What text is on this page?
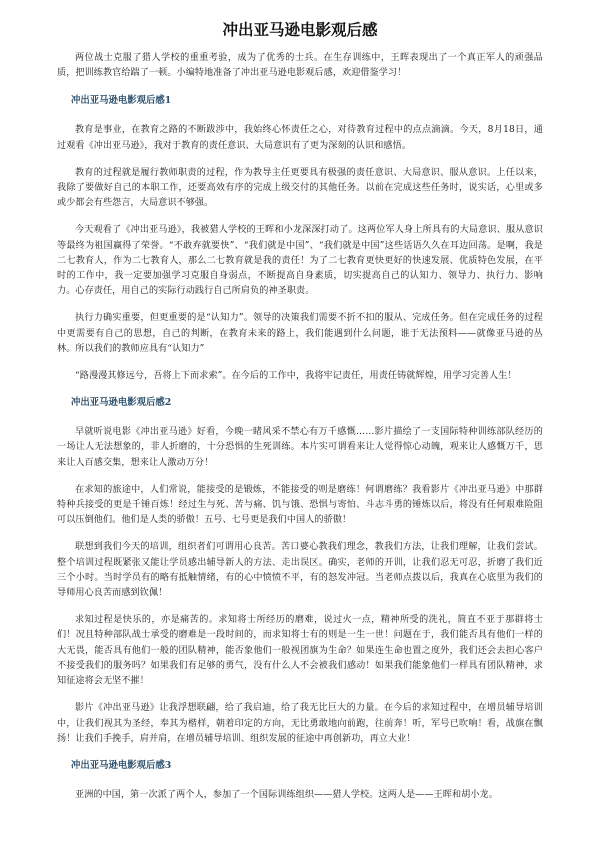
冲出亚马逊电影观后感

两位战士克服了猎人学校的重重考验，成为了优秀的士兵。在生存训练中，王晖表现出了一个真正军人的顽强品质，把训练教官给踹了一顿。小编特地准备了冲出亚马逊电影观后感，欢迎借鉴学习！

冲出亚马逊电影观后感1

教育是事业，在教育之路的不断跋涉中，我始终心怀责任之心，对待教育过程中的点点滴滴。今天，8月18日，通过观看《冲出亚马逊》，我对于教育的责任意识、大局意识有了更为深刻的认识和感悟。

教育的过程就是履行教师职责的过程，作为教导主任更要具有极强的责任意识、大局意识、服从意识。上任以来，我除了要做好自己的本职工作，还要高效有序的完成上级交付的其他任务。以前在完成这些任务时，说实话，心里或多或少都会有些怨言，大局意识不够强。

今天观看了《冲出亚马逊》，我被猎人学校的王晖和小龙深深打动了。这两位军人身上所具有的大局意识、服从意识等最终为祖国赢得了荣誉。“不敢弃就要快”、“我们就是中国”、“我们就是中国”这些话语久久在耳边回荡。是啊，我是二七教育人，作为二七教育人，那么二七教育就是我的责任！为了二七教育更快更好的快速发展、优质特色发展，在平时的工作中，我一定要加强学习克服自身弱点，不断提高自身素质，切实提高自己的认知力、领导力、执行力、影响力。心存责任，用自己的实际行动践行自己所肩负的神圣职责。

执行力确实重要，但更重要的是“认知力”。领导的决策我们需要不折不扣的服从、完成任务。但在完成任务的过程中更需要有自己的思想，自己的判断，在教育未来的路上，我们能遇到什么问题，谁于无法预料——就像亚马逊的丛林。所以我们的教师应具有“认知力”

“路漫漫其修远兮，吾将上下而求索”。在今后的工作中，我将牢记责任，用责任铸就辉煌，用学习完善人生！

冲出亚马逊电影观后感2

早就听说电影《冲出亚马逊》好看，今晚一睹风采不禁心有万千感慨……影片描绘了一支国际特种训练部队经历的一场让人无法想象的，非人折磨的，十分恐惧的生死训练。本片实可谓看来让人觉得惊心动魄，观来让人感慨万千，思来让人百感交集，想来让人激动万分！

在求知的旅途中，人们常说，能接受的是锻炼，不能接受的则是磨练！何谓磨练？我看影片《冲出亚马逊》中那群特种兵接受的更是千锤百炼！经过生与死、苦与痛、饥与饿、恐惧与寄怕、斗志斗勇的锤炼以后，将没有任何艰难险阻可以压倒他们。他们是人类的骄傲！五号、七号更是我们中国人的骄傲！

联想到我们今天的培训，组织者们可谓用心良苦。苦口婆心教我们理念，教我们方法，让我们理解，让我们尝试。整个培训过程既紧张又能让学员感出辅导新人的方法、走出误区。确实，老师的开训，让我们忍无可忍，折磨了我们近三个小时。当时学员有的略有抵触情绪，有的心中愤愤不平，有的怒发冲冠。当老师点拨以后，我真在心底里为我们的导师用心良苦而感到钦佩！

求知过程是快乐的，亦是痛苦的。求知将士所经历的磨难，说过火一点，精神所受的洗礼，简直不亚于那群将士们！况且特种部队战士承受的磨难是一段时间的，而求知将士有的则是一生一世！问题在于，我们能否具有他们一样的大无畏，能否具有他们一般的团队精神，能否象他们一般视团旗为生命？如果连生命也置之度外，我们还会去担心客户不接受我们的服务吗？如果我们有足够的勇气，没有什么人不会被我们感动！如果我们能象他们一样具有团队精神，求知征途将会无坚不摧！

影片《冲出亚马逊》让我浮想联翩，给了我启迪，给了我无比巨大的力量。在今后的求知过程中，在增员辅导培训中，让我们视其为圣经，奉其为楷样，朝着印定的方向，无比勇敢地向前跑，往前奔！听，军号已吹响！看，战旗在飘扬！让我们手挽手，肩并肩，在增员辅导培训、组织发展的征途中再创新功，再立大业！

冲出亚马逊电影观后感3

亚洲的中国，第一次派了两个人，参加了一个国际训练组织——猎人学校。这两人是——王晖和胡小龙。
